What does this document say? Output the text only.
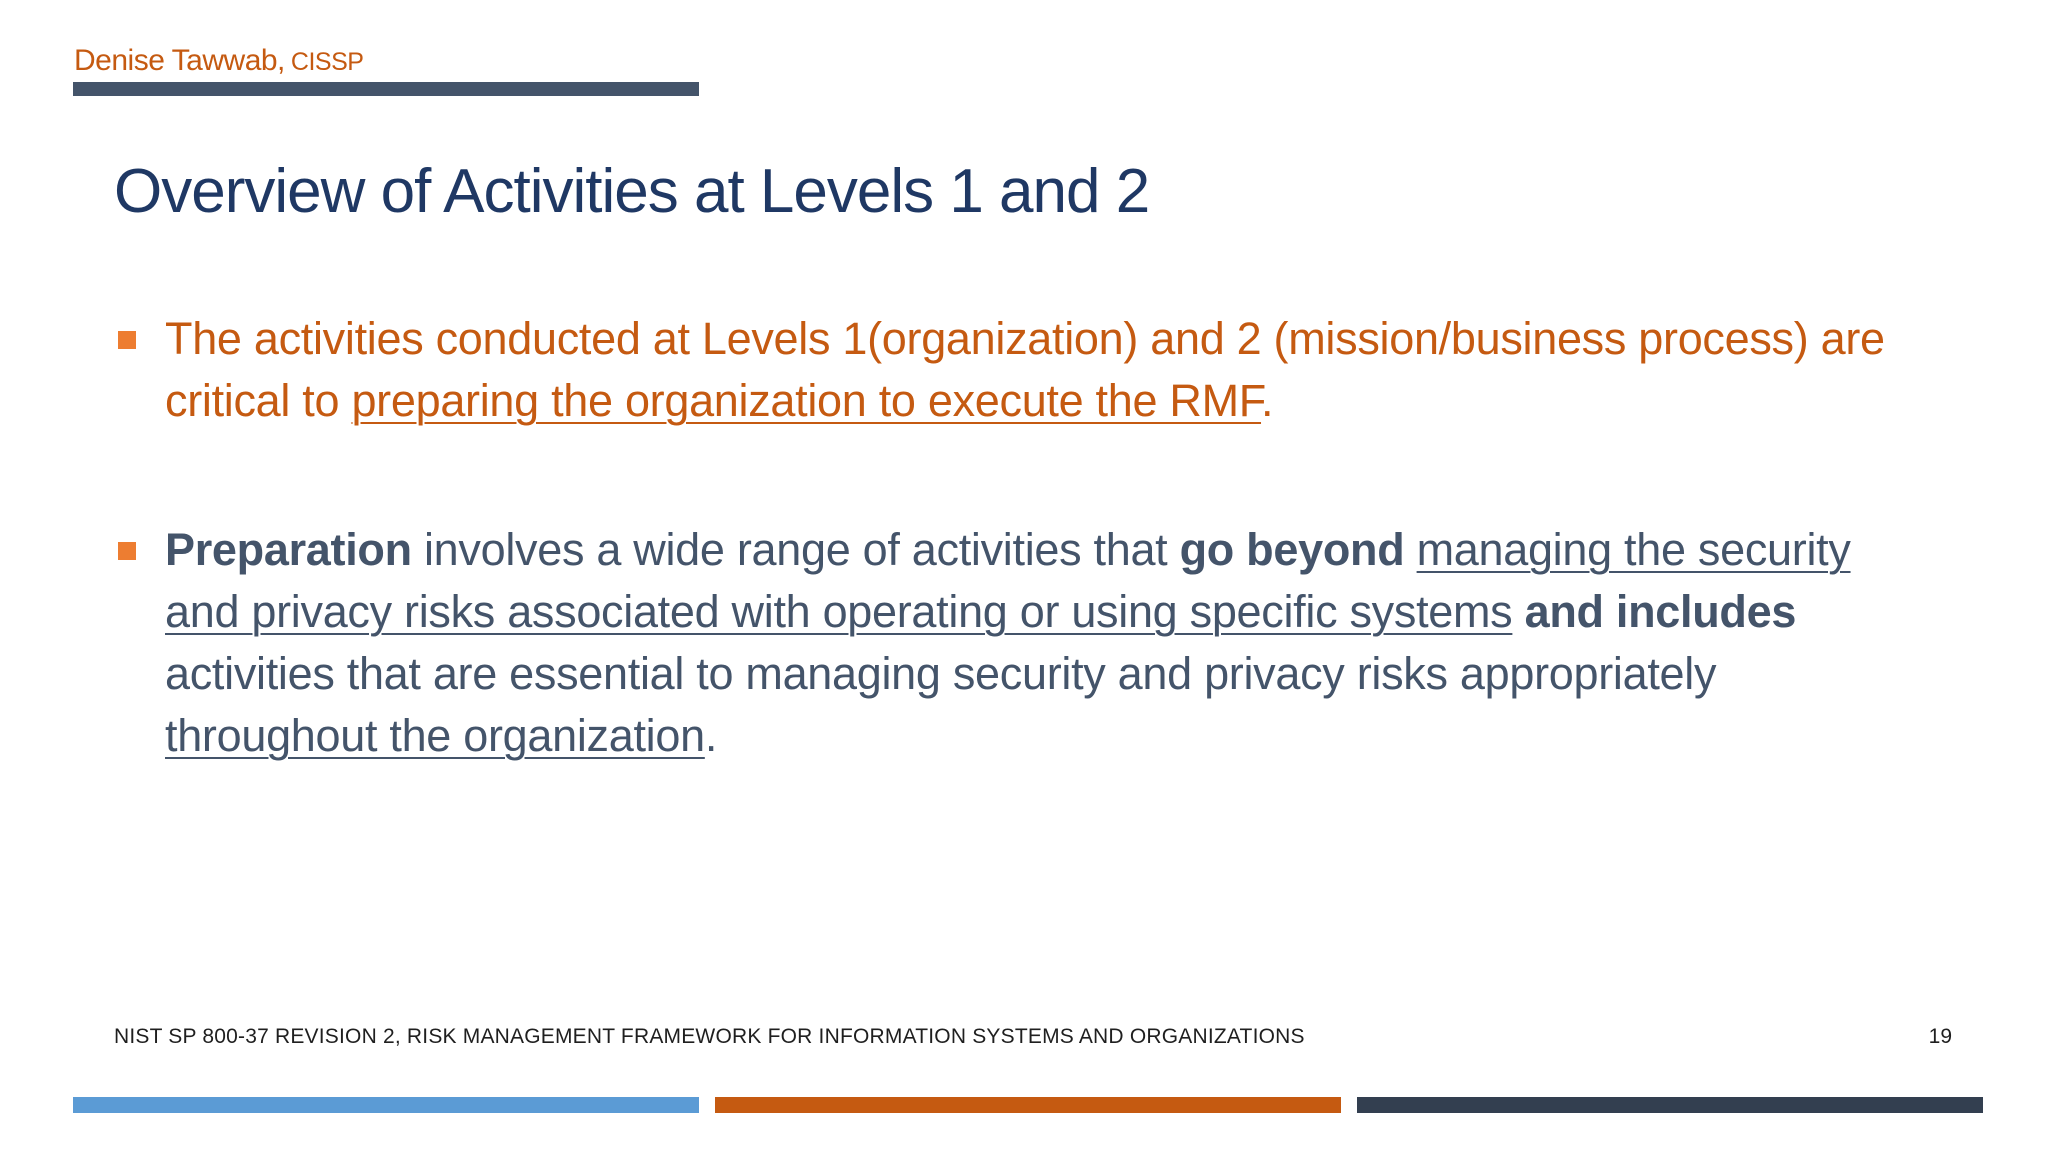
Denise Tawwab, CISSP
Overview of Activities at Levels 1 and 2

The activities conducted at Levels 1(organization) and 2 (mission/business process) are critical to preparing the organization to execute the RMF.

Preparation involves a wide range of activities that go beyond managing the security and privacy risks associated with operating or using specific systems and includes activities that are essential to managing security and privacy risks appropriately throughout the organization.

NIST SP 800-37 REVISION 2, RISK MANAGEMENT FRAMEWORK FOR INFORMATION SYSTEMS AND ORGANIZATIONS	19
